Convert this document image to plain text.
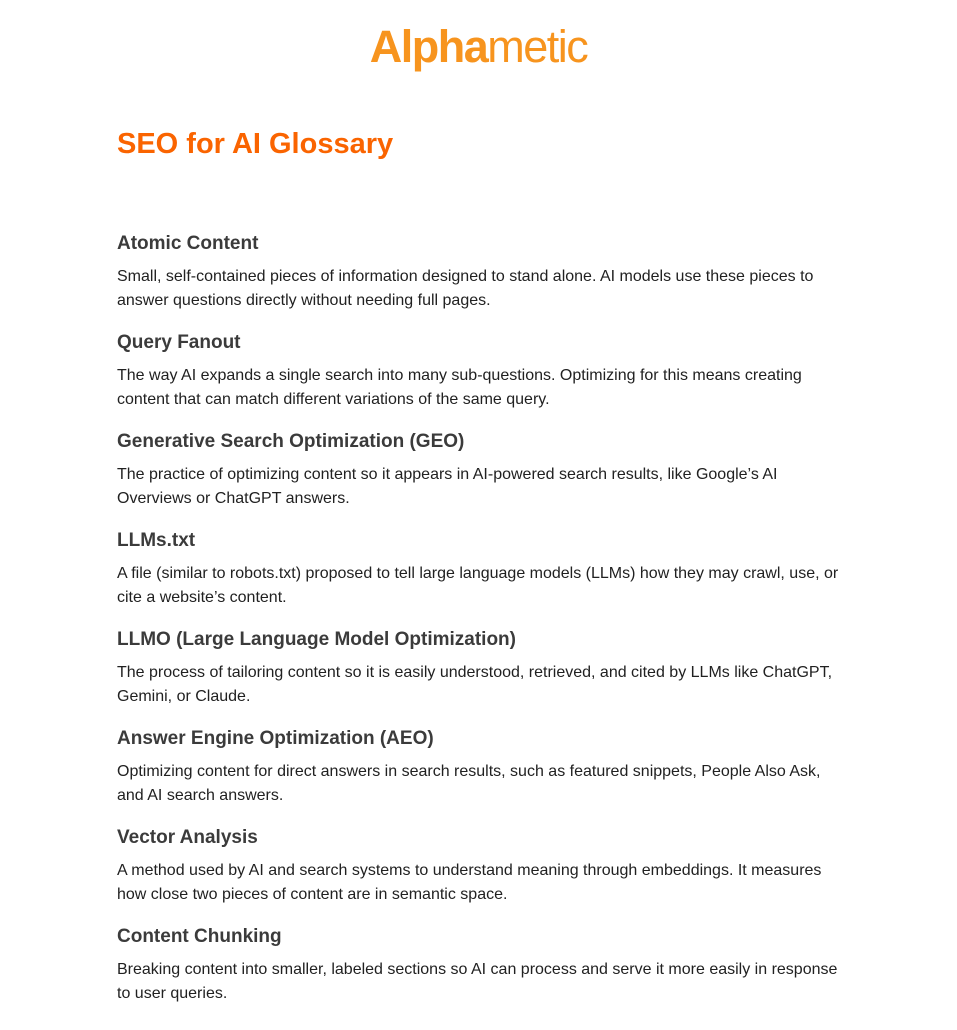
Alphametic
SEO for AI Glossary
Atomic Content

Small, self-contained pieces of information designed to stand alone. AI models use these pieces to answer questions directly without needing full pages.

Query Fanout

The way AI expands a single search into many sub-questions. Optimizing for this means creating content that can match different variations of the same query.

Generative Search Optimization (GEO)

The practice of optimizing content so it appears in AI-powered search results, like Google’s AI Overviews or ChatGPT answers.

LLMs.txt

A file (similar to robots.txt) proposed to tell large language models (LLMs) how they may crawl, use, or cite a website’s content.

LLMO (Large Language Model Optimization)

The process of tailoring content so it is easily understood, retrieved, and cited by LLMs like ChatGPT, Gemini, or Claude.

Answer Engine Optimization (AEO)

Optimizing content for direct answers in search results, such as featured snippets, People Also Ask, and AI search answers.

Vector Analysis

A method used by AI and search systems to understand meaning through embeddings. It measures how close two pieces of content are in semantic space.

Content Chunking

Breaking content into smaller, labeled sections so AI can process and serve it more easily in response to user queries.
